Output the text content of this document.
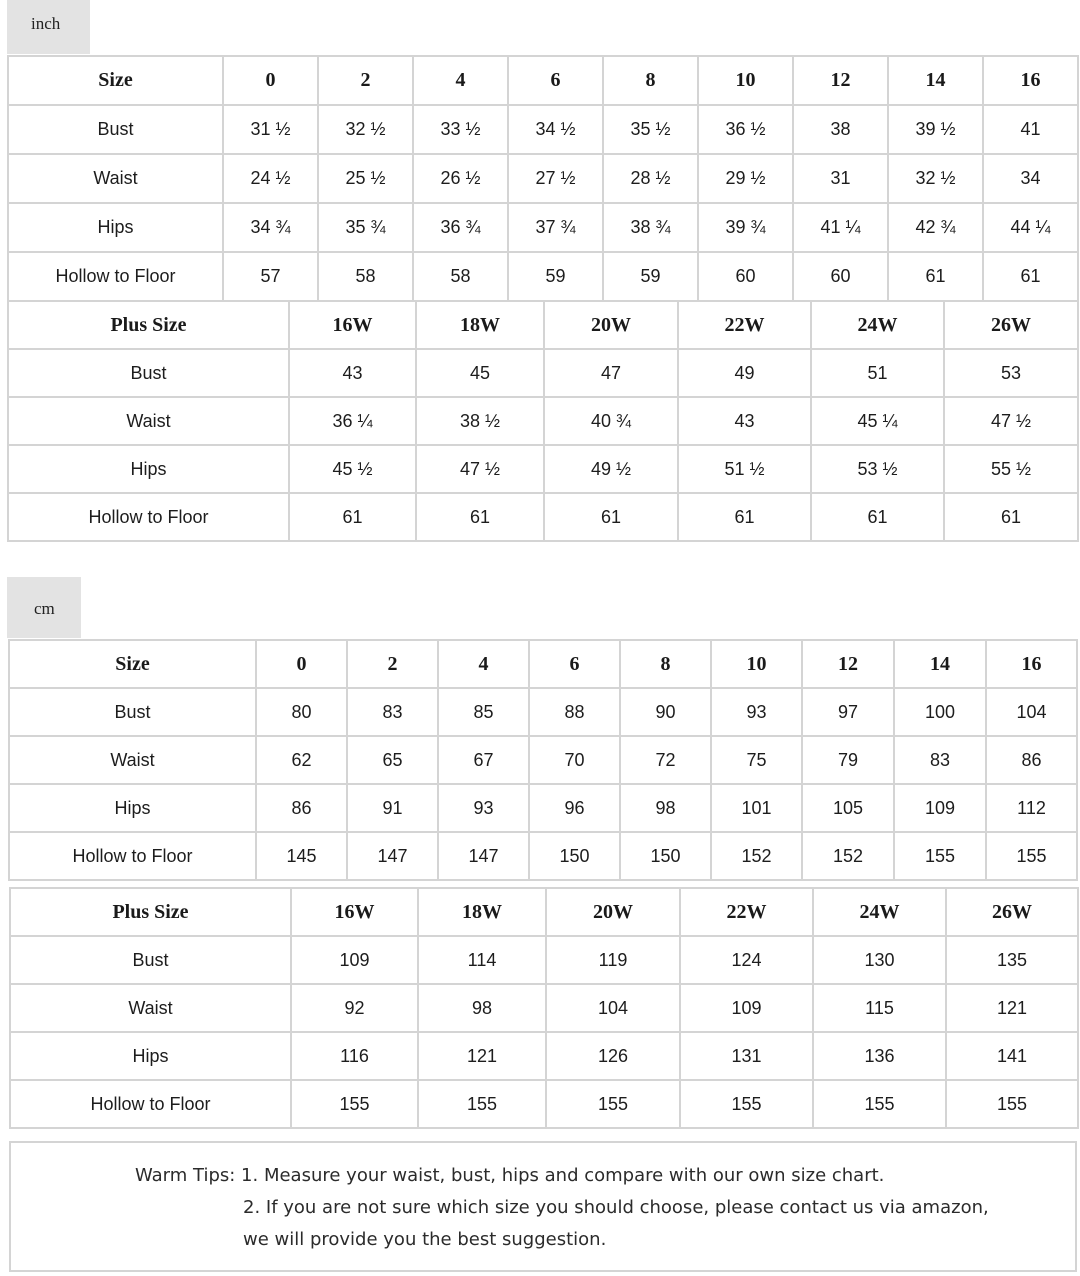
inch
Size	0	2	4	6	8	10	12	14	16
Bust	31 ½	32 ½	33 ½	34 ½	35 ½	36 ½	38	39 ½	41
Waist	24 ½	25 ½	26 ½	27 ½	28 ½	29 ½	31	32 ½	34
Hips	34 ¾	35 ¾	36 ¾	37 ¾	38 ¾	39 ¾	41 ¼	42 ¾	44 ¼
Hollow to Floor	57	58	58	59	59	60	60	61	61
Plus Size	16W	18W	20W	22W	24W	26W
Bust	43	45	47	49	51	53
Waist	36 ¼	38 ½	40 ¾	43	45 ¼	47 ½
Hips	45 ½	47 ½	49 ½	51 ½	53 ½	55 ½
Hollow to Floor	61	61	61	61	61	61
cm
Size	0	2	4	6	8	10	12	14	16
Bust	80	83	85	88	90	93	97	100	104
Waist	62	65	67	70	72	75	79	83	86
Hips	86	91	93	96	98	101	105	109	112
Hollow to Floor	145	147	147	150	150	152	152	155	155
Plus Size	16W	18W	20W	22W	24W	26W
Bust	109	114	119	124	130	135
Waist	92	98	104	109	115	121
Hips	116	121	126	131	136	141
Hollow to Floor	155	155	155	155	155	155
Warm Tips: 1. Measure your waist, bust, hips and compare with our own size chart.
2. If you are not sure which size you should choose, please contact us via amazon,
we will provide you the best suggestion.
